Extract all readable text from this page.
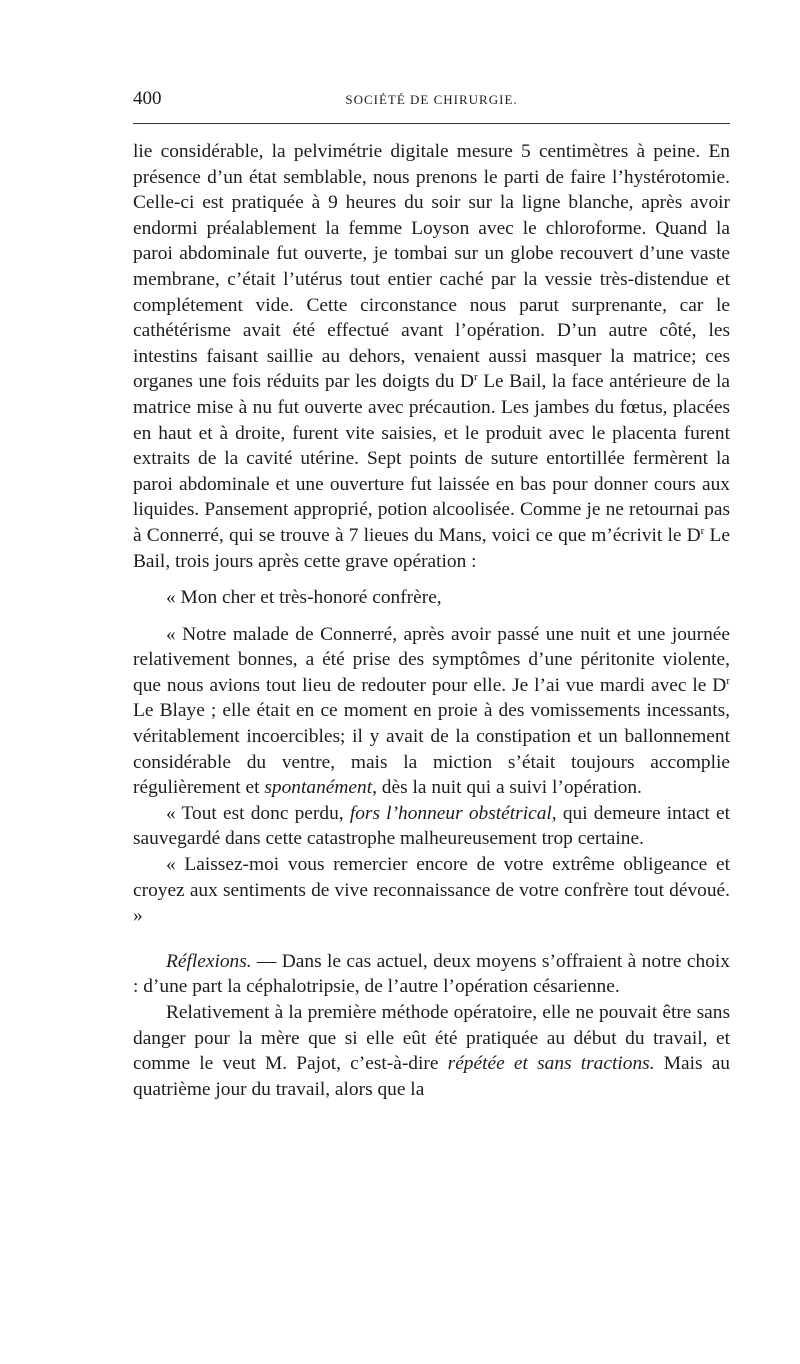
400	SOCIÉTÉ DE CHIRURGIE.

lie considérable, la pelvimétrie digitale mesure 5 centimètres à peine. En présence d’un état semblable, nous prenons le parti de faire l’hystérotomie. Celle-ci est pratiquée à 9 heures du soir sur la ligne blanche, après avoir endormi préalablement la femme Loyson avec le chloroforme. Quand la paroi abdominale fut ouverte, je tombai sur un globe recouvert d’une vaste membrane, c’était l’utérus tout entier caché par la vessie très-distendue et complétement vide. Cette circonstance nous parut surprenante, car le cathétérisme avait été effectué avant l’opération. D’un autre côté, les intestins faisant saillie au dehors, venaient aussi masquer la matrice; ces organes une fois réduits par les doigts du $D^r$ Le Bail, la face antérieure de la matrice mise à nu fut ouverte avec précaution. Les jambes du fœtus, placées en haut et à droite, furent vite saisies, et le produit avec le placenta furent extraits de la cavité utérine. Sept points de suture entortillée fermèrent la paroi abdominale et une ouverture fut laissée en bas pour donner cours aux liquides. Pansement approprié, potion alcoolisée. Comme je ne retournai pas à Connerré, qui se trouve à 7 lieues du Mans, voici ce que m’écrivit le $D^r$ Le Bail, trois jours après cette grave opération :

« Mon cher et très-honoré confrère,

« Notre malade de Connerré, après avoir passé une nuit et une journée relativement bonnes, a été prise des symptômes d’une péritonite violente, que nous avions tout lieu de redouter pour elle. Je l’ai vue mardi avec le $D^r$ Le Blaye ; elle était en ce moment en proie à des vomissements incessants, véritablement incoercibles; il y avait de la constipation et un ballonnement considérable du ventre, mais la miction s’était toujours accomplie régulièrement et spontanément, dès la nuit qui a suivi l’opération.

« Tout est donc perdu, fors l’honneur obstétrical, qui demeure intact et sauvegardé dans cette catastrophe malheureusement trop certaine.

« Laissez-moi vous remercier encore de votre extrême obligeance et croyez aux sentiments de vive reconnaissance de votre confrère tout dévoué. »

Réflexions. — Dans le cas actuel, deux moyens s’offraient à notre choix : d’une part la céphalotripsie, de l’autre l’opération césarienne.

Relativement à la première méthode opératoire, elle ne pouvait être sans danger pour la mère que si elle eût été pratiquée au début du travail, et comme le veut M. Pajot, c’est-à-dire répétée et sans tractions. Mais au quatrième jour du travail, alors que la
